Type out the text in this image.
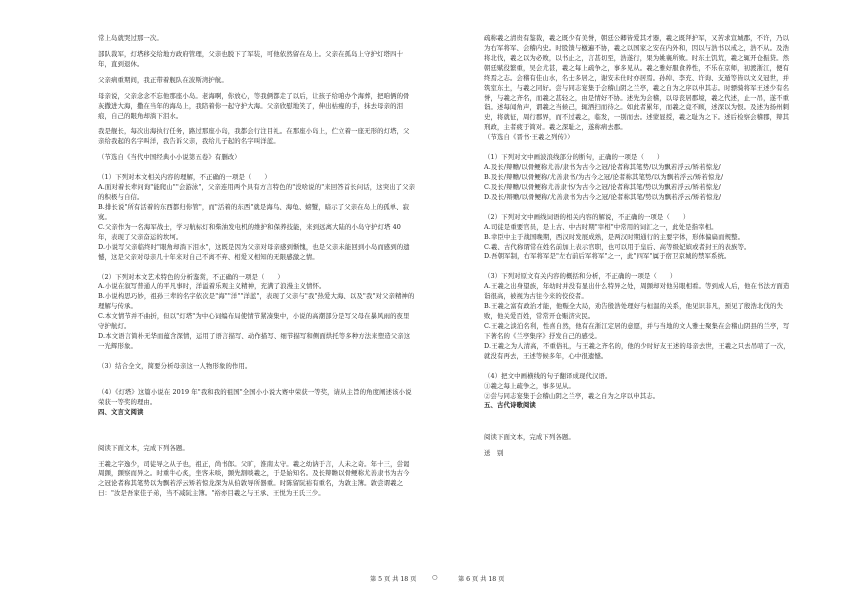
常上岛就哭过那一次。

部队裁军，灯塔移交给地方政府管理，父亲也脱下了军装，可他依然留在岛上。父亲在孤岛上守护灯塔四十年，直到退休。

父亲病重期间，我正带着舰队在波斯湾护航。

母亲说，父亲念念不忘他那座小岛。老海啊，你放心，等我俩都走了以后，让孩子给咱办个海葬，把咱俩的骨灰撒进大海，撒在当年的海岛上，我陪着你一起守护大海。父亲欣慰地笑了，伸出枯瘦的手，抹去母亲的泪痕，自己的眼角却淌下泪水。

我是舰长，每次出海执行任务，路过那座小岛，我都会行注目礼。在那座小岛上，伫立着一座无形的灯塔，父亲给我起的名字叫洋，我告诉父亲，我给儿子起的名字叫洋蓝。

（节选自《当代中国经典小小说第五卷》有删改）

（1）下列对本文相关内容的理解，不正确的一项是（　　）

A.面对着长辈问询"能爬山""会游泳"，父亲连用两个具有方言特色的"没啥说的"来回答首长问话，这突出了父亲的积极与自信。

B.排长说"所有活着的东西都归你管"，而"活着的东西"就是海鸟、海龟、螃蟹，暗示了父亲在岛上的孤单、寂寞。

C.父亲作为一名海军战士，学习航标灯和柴油发电机的维护和保养技能，来到远离大陆的小岛守护灯塔 40 年，表现了父亲奋运的坎坷。

D.小说写父亲临终时"眼角却淌下泪水"，这既是因为父亲对母亲感到惭愧，也是父亲未能回到小岛而感到的遗憾，这是父亲对母亲几十年来对自己不离不弃、相爱又相知的无限感激之情。

（2）下列对本文艺术特色的分析鉴赏，不正确的一项是（　　）

A.小说在叙写普通人的平凡事时，洋溢着乐观主义精神，充满了浪漫主义情怀。

B.小说构思巧妙，祖孙三辈的名字依次是"海""洋""洋蓝"，表现了父亲与"我"热爱大海、以及"我"对父亲精神的理解与传承。

C.本文情节并不曲折，但以"灯塔"为中心词编布局使情节紧凑集中，小说的高潮部分是写父母在暴风雨的夜里守护航灯。

D.本文语言简朴无华而蕴含深情，运用了语言描写、动作描写、细节描写和侧面烘托等多种方法来塑造父亲这一光辉形象。

（3）结合全文，简要分析母亲这一人物形象的作用。

（4）《灯塔》这篇小说在 2019 年"我和我的祖国"全国小小说大赛中荣获一等奖，请从主旨的角度阐述该小说荣获一等奖的理由。

四、文言文阅读

阅读下面文本，完成下列各题。

王羲之字逸少，司徒导之从子也，祖正，尚书郎。父旷，淮南太守。羲之幼讷于言，人未之奇。年十三，尝谒周顗，顗察而异之。时重牛心炙，坐客未啖，顗先割啖羲之，于是始知名。及长辩瞻以骨鲠称尤善隶书为古今之冠论者称其笔势以为飘若浮云矫若惊龙深为从伯敦导所器重。时陈留阮裕有重名，为敦主簿。敦尝谓羲之曰："汝是吾家佳子弟，当不减阮主簿。"裕亦目羲之与王承、王悦为王氏三少。

疏称羲之清贵有鉴裁，羲之既少有美誉，朝廷公卿皆爱其才器，羲之既拜护军，又苦求宣城郡，不许，乃以为右军将军、会稽内史。时股馈与檄遍不协，羲之以国家之安在内外和，因以与浩书以戒之，浩不从。及浩将北伐，羲之以为必败，以书止之，言甚切至，浩遂行，果为姚襄所败。时东土饥荒，羲之辄开仓振贷。然朝廷赋役繁重，吴会尤甚，羲之每上疏争之，事多见从。羲之雅好服食养性，不乐在京师，初渡浙江，便有终焉之志。会稽有佳山水，名士多居之，谢安未仕时亦居焉。孙绰、李充、许询、支遁等皆以文义冠世，并筑室东土，与羲之同好。尝与同志宴集于会稽山阴之兰亭，羲之自为之序以申其志。时骠骑将军王述少有名誉，与羲之齐名，而羲之甚轻之，由是情好不协。述先为会稽，以母丧居郡境，羲之代述，止一吊，遂不重诣。述每闻角声，谓羲之当候己，辄洒扫而待之。如此者累年，而羲之竟不顾，述深以为恨。及述为扬州刺史，将就征，周行郡界，而不过羲之，临发，一别而去。述蒙显授，羲之耻为之下。述后检察会稽郡，辩其刑政，主者疲于简对。羲之深耻之，遂称病去郡。

（节选自《晋书·王羲之列传》）

（1）下列对文中画波浪线部分的断句，正确的一项是（　　）

A.及长/辩赡/以骨鲠称尤善/隶书为古今之冠/论者称其笔势/以为飘若浮云/矫若惊龙/

B.及长/辩赡/以骨鲠称/尤善隶书/为古今之冠/论者称其笔势/以为飘若浮云/矫若惊龙/

C.及长/辩赡/以骨鲠称尤善隶书/为古今之冠/论者称其笔/势以为飘若浮云/矫若惊龙/

D.及长/辩赡/以骨鲠称/尤善隶书为古今之冠/论者称其笔/势以为飘若浮云/矫若惊龙/

（2）下列对文中画线词语的相关内容的解说，不正确的一项是（　　）

A.司徒是重要官员，是上古、中古时期"宰相"中常用的词汇之一，此处是指宰相。

B.幸臣中主于战国晚期，西汉时发展成熟，是两汉时期通行的主要字体，形体偏扁而规整。

C.羲、古代称谓常在姓名前加上表示官职，也可以用于皇后、高等级妃嫔或者封王的表族等。

D.吾朝军制，右军将军是"左右前后军将军"之一，此"四军"属于宿卫京城的禁军系统。

（3）下列对原文有关内容的概括和分析，不正确的一项是（　　）

A.王羲之出身望族，年幼时并没有显出什么特异之处，周顗却对他另眼相看。等到成人后，他在书法方面造诣很高，被视为古往今来的佼佼者。

B.王羲之富有政治才能，他赈全大局，劝告殷浩处理好与桓温的关系，他见识非凡，预见了殷浩北伐的失败，他关爱百姓，常常开仓赈济灾民。

C.王羲之淡泊名利，性喜自然，他有在浙江定居的意愿，并与当地的文人雅士聚集在会稽山阴县的兰亭，写下著名的《兰亭集序》抒发自己的感受。

D.王羲之为人清高，不重俗礼，与王羲之齐名的，他的少时好友王述的母亲去世，王羲之只去吊唁了一次，就没有再去，王述等候多年，心中很遗憾。

（4）把文中画横线的句子翻译成现代汉语。

①羲之每上疏争之，事多见从。

②尝与同志宴集于会稽山阴之兰亭，羲之自为之序以申其志。

五、古代诗歌阅读

阅读下面文本，完成下列各题。

送　别

第 5 页 共 18 页	○	第 6 页 共 18 页
